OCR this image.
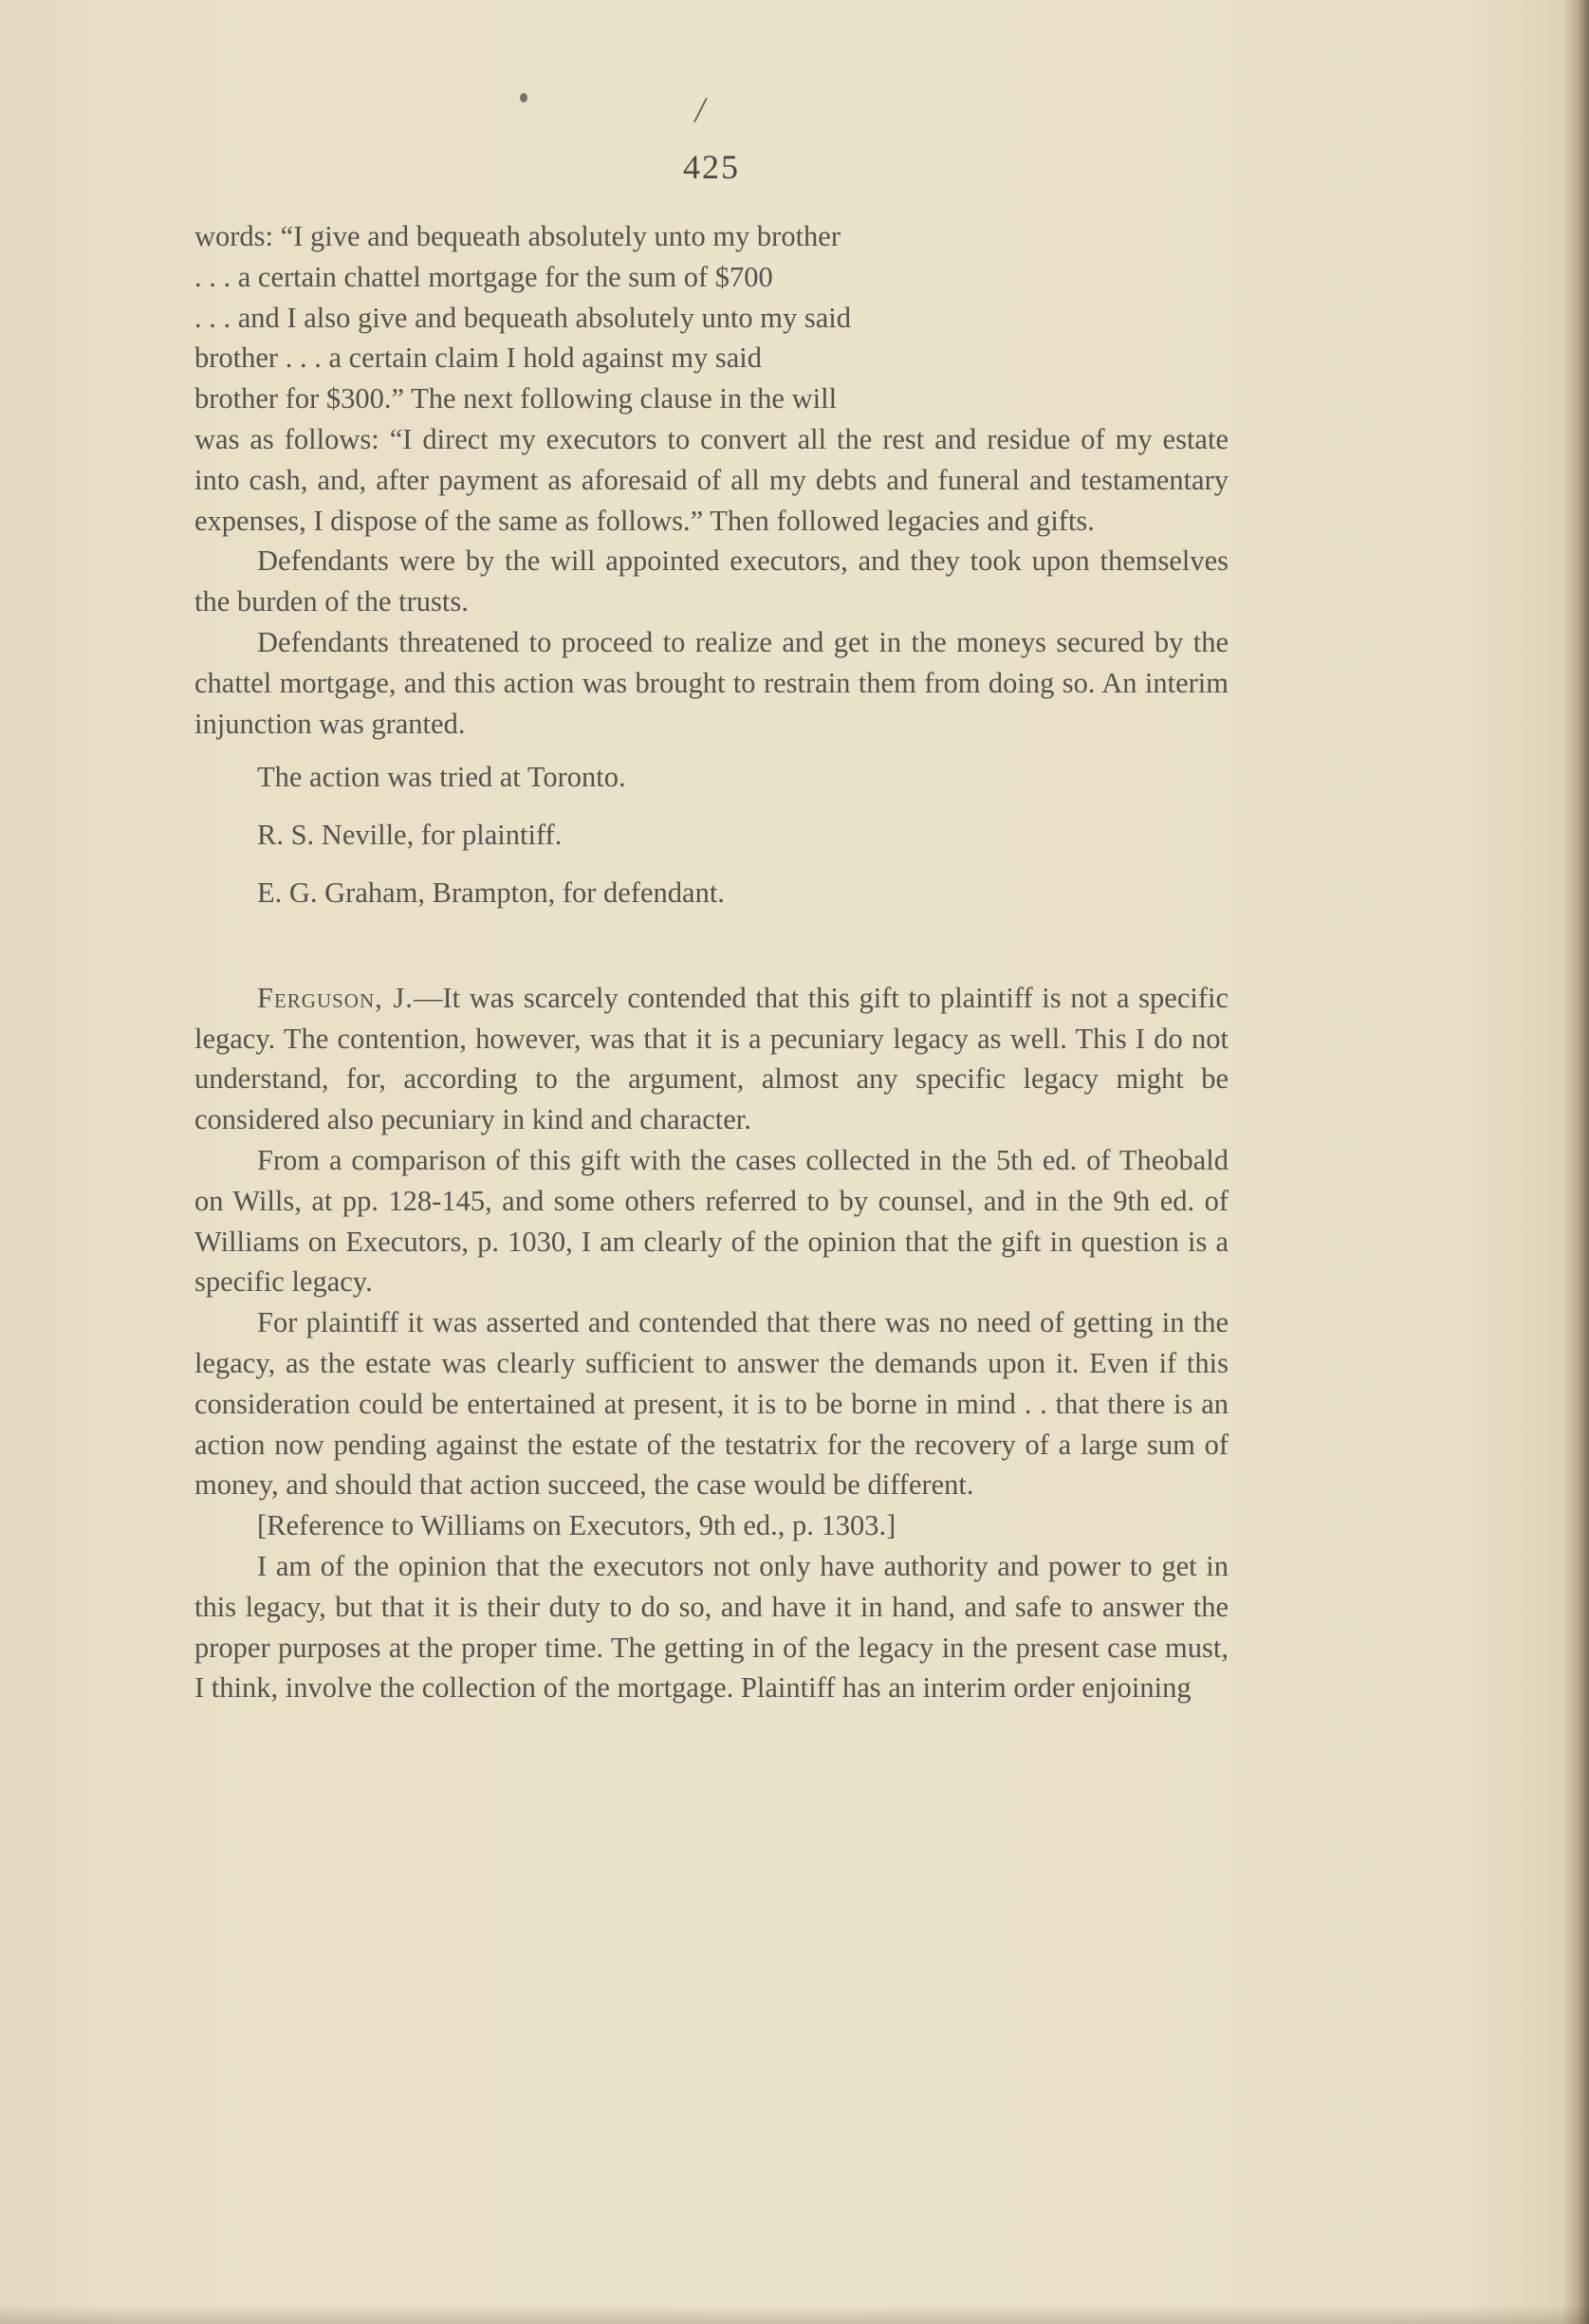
/
425

words: “I give and bequeath absolutely unto my brother

. . . a certain chattel mortgage for the sum of $700

. . . and I also give and bequeath absolutely unto my said

brother . . . a certain claim I hold against my said

brother for $300.” The next following clause in the will

was as follows: “I direct my executors to convert all the rest and residue of my estate into cash, and, after payment as aforesaid of all my debts and funeral and testamentary expenses, I dispose of the same as follows.” Then followed legacies and gifts.

Defendants were by the will appointed executors, and they took upon themselves the burden of the trusts.

Defendants threatened to proceed to realize and get in the moneys secured by the chattel mortgage, and this action was brought to restrain them from doing so. An interim injunction was granted.

The action was tried at Toronto.

R. S. Neville, for plaintiff.

E. G. Graham, Brampton, for defendant.

Ferguson, J.—It was scarcely contended that this gift to plaintiff is not a specific legacy. The contention, however, was that it is a pecuniary legacy as well. This I do not understand, for, according to the argument, almost any specific legacy might be considered also pecuniary in kind and character.

From a comparison of this gift with the cases collected in the 5th ed. of Theobald on Wills, at pp. 128-145, and some others referred to by counsel, and in the 9th ed. of Williams on Executors, p. 1030, I am clearly of the opinion that the gift in question is a specific legacy.

For plaintiff it was asserted and contended that there was no need of getting in the legacy, as the estate was clearly sufficient to answer the demands upon it. Even if this consideration could be entertained at present, it is to be borne in mind . . that there is an action now pending against the estate of the testatrix for the recovery of a large sum of money, and should that action succeed, the case would be different.

[Reference to Williams on Executors, 9th ed., p. 1303.]

I am of the opinion that the executors not only have authority and power to get in this legacy, but that it is their duty to do so, and have it in hand, and safe to answer the proper purposes at the proper time. The getting in of the legacy in the present case must, I think, involve the collection of the mortgage. Plaintiff has an interim order enjoining
